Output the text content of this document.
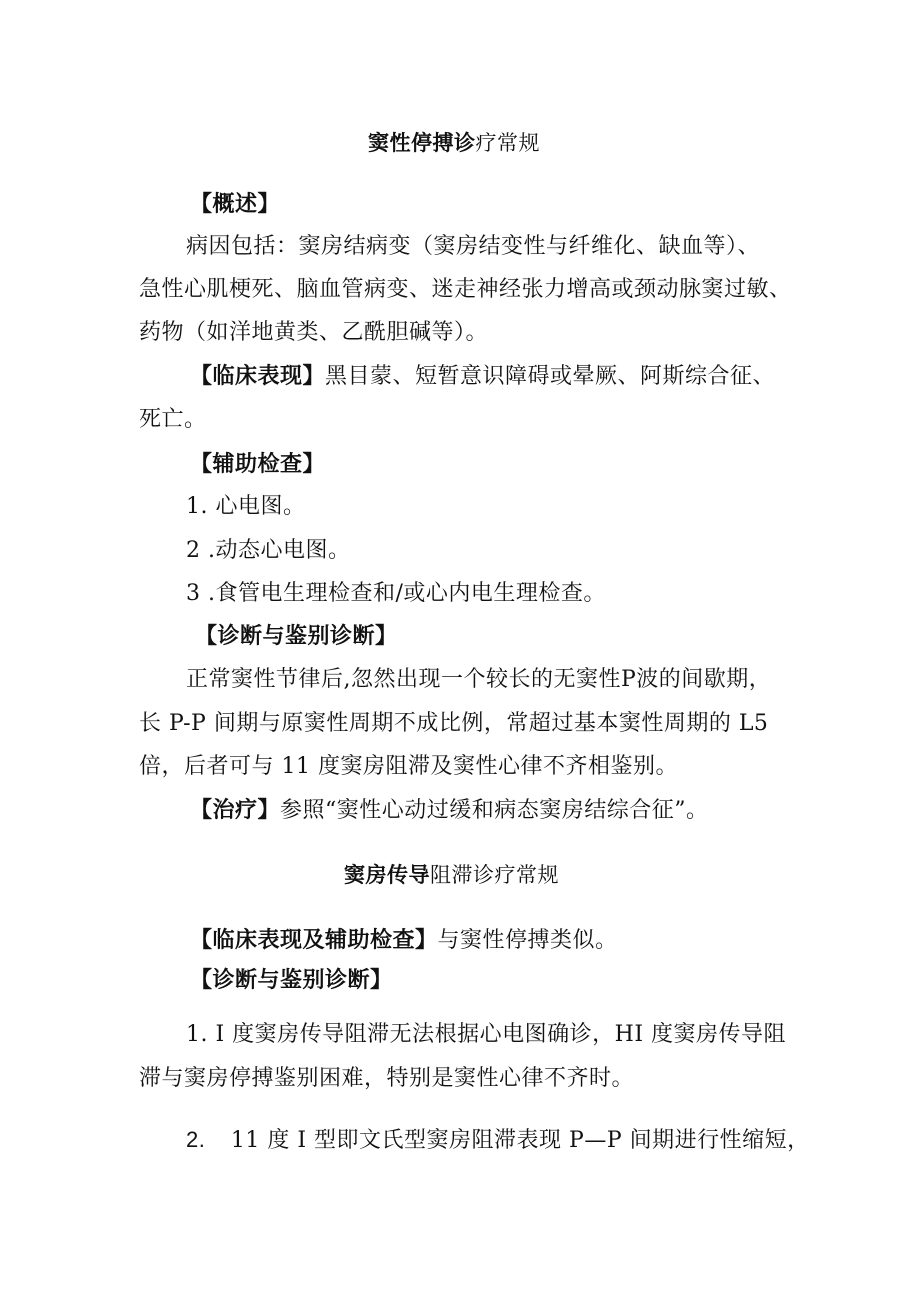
窦性停搏诊疗常规
【概述】
病因包括：窦房结病变（窦房结变性与纤维化、缺血等）、
急性心肌梗死、脑血管病变、迷走神经张力增高或颈动脉窦过敏、
药物（如洋地黄类、乙酰胆碱等）。
【临床表现】黑目蒙、短暂意识障碍或晕厥、阿斯综合征、
死亡。
【辅助检查】
1. 心电图。
2 .动态心电图。
3 .食管电生理检查和/或心内电生理检查。
【诊断与鉴别诊断】
正常窦性节律后,忽然出现一个较长的无窦性P波的间歇期，
长 P-P 间期与原窦性周期不成比例，常超过基本窦性周期的 L5
倍，后者可与 11 度窦房阻滞及窦性心律不齐相鉴别。
【治疗】参照“窦性心动过缓和病态窦房结综合征”。
窦房传导阻滞诊疗常规
【临床表现及辅助检查】与窦性停搏类似。
【诊断与鉴别诊断】
1. I 度窦房传导阻滞无法根据心电图确诊，HI 度窦房传导阻
滞与窦房停搏鉴别困难，特别是窦性心律不齐时。
2. 11 度 I 型即文氏型窦房阻滞表现 P—P 间期进行性缩短，
